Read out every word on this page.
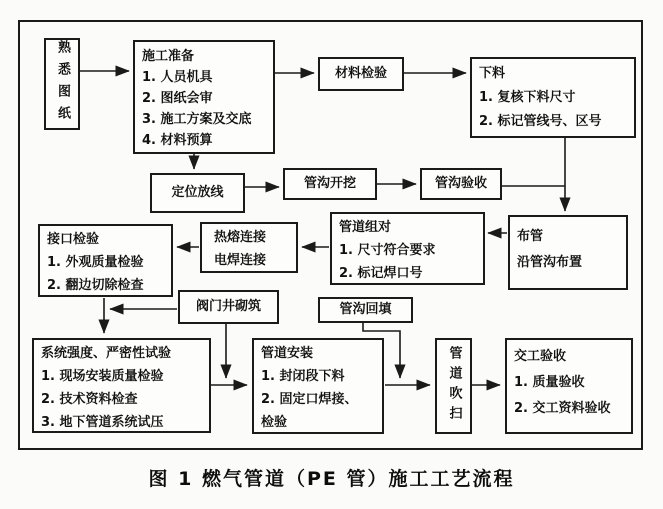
熟悉图纸	施工准备
1. 人员机具
2. 图纸会审
3. 施工方案及交底
4. 材料预算
材料检验	下料
1. 复核下料尺寸
2. 标记管线号、区号
定位放线
管沟开挖	管沟验收
布管
沿管沟布置
管道组对
1. 尺寸符合要求
2. 标记焊口号
热熔连接
电焊连接
接口检验
1. 外观质量检验
2. 翻边切除检查
阀门井砌筑	管沟回填
系统强度、严密性试验
1. 现场安装质量检验
2. 技术资料检查
3. 地下管道系统试压
管道安装
1. 封闭段下料
2. 固定口焊接、
检验	管道吹扫	交工验收
1. 质量验收
2. 交工资料验收
图 1 燃气管道（PE 管）施工工艺流程
